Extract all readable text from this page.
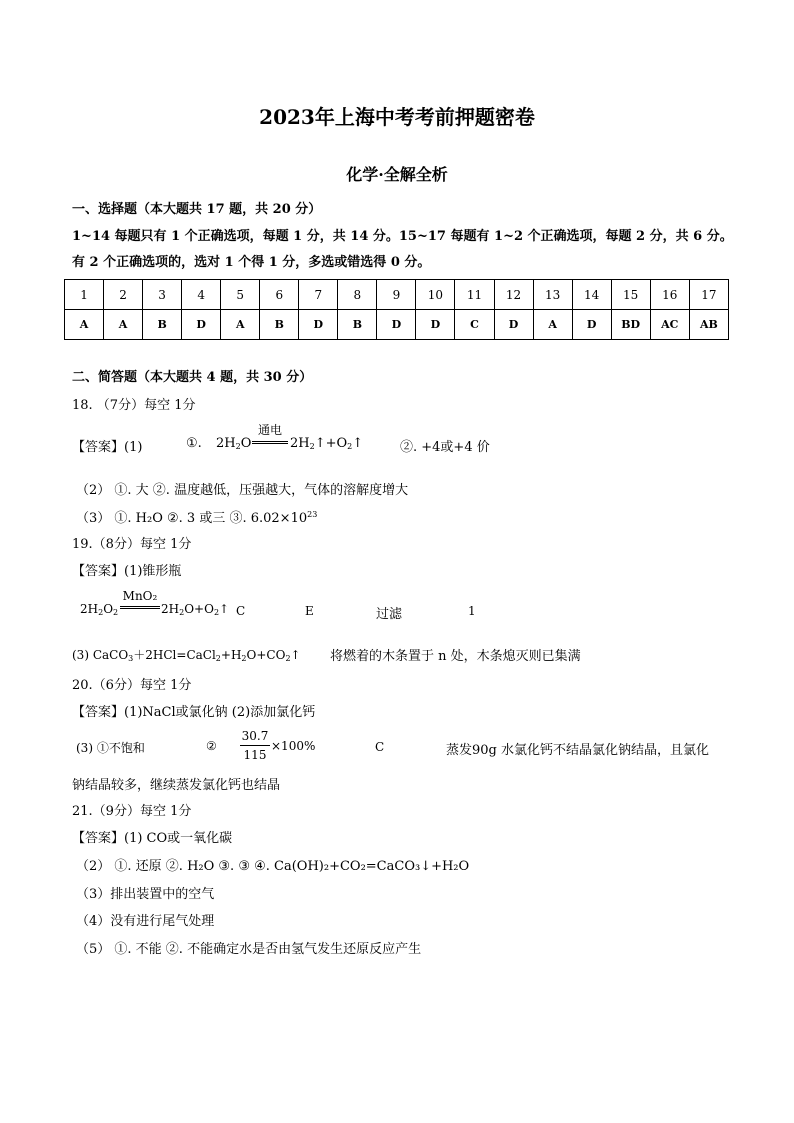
2023年上海中考考前押题密卷
化学·全解全析
一、选择题（本大题共 17 题，共 20 分）
1~14 每题只有 1 个正确选项，每题 1 分，共 14 分。15~17 每题有 1~2 个正确选项，每题 2 分，共 6 分。
有 2 个正确选项的，选对 1 个得 1 分，多选或错选得 0 分。
1	2	3	4	5	6	7	8	9	10	11	12	13	14	15	16	17
A	A	B	D	A	B	D	B	D	D	C	D	A	D	BD	AC	AB
二、简答题（本大题共 4 题，共 30 分）
18. （7分）每空 1分
【答案】(1)	①. $2H_2O$
通电
$2H_2↑+O_2↑$	②. +4或+4 价
（2） ①. 大 ②. 温度越低，压强越大，气体的溶解度增大
（3） ①. H₂O ②. 3 或三 ③. $6.02\times 10^{23}$
19.（8分）每空 1分
【答案】(1)锥形瓶
$2H_2O_2$
MnO₂
$2H_2O+O_2↑$ C	E	过滤	1
(3) $CaCO_3+2HCl=CaCl_2+H_2O+CO_2↑$ 将燃着的木条置于 n 处，木条熄灭则已集满
20.（6分）每空 1分
【答案】(1)NaCl或氯化钠 (2)添加氯化钙
(3) ①不饱和	②
30.7
115
×100%	C	蒸发90g 水氯化钙不结晶氯化钠结晶，且氯化
钠结晶较多，继续蒸发氯化钙也结晶
21.（9分）每空 1分
【答案】(1) CO或一氧化碳
（2） ①. 还原 ②. H₂O ③. ③ ④. Ca(OH)₂+CO₂=CaCO₃↓+H₂O
（3）排出装置中的空气
（4）没有进行尾气处理
（5） ①. 不能 ②. 不能确定水是否由氢气发生还原反应产生
